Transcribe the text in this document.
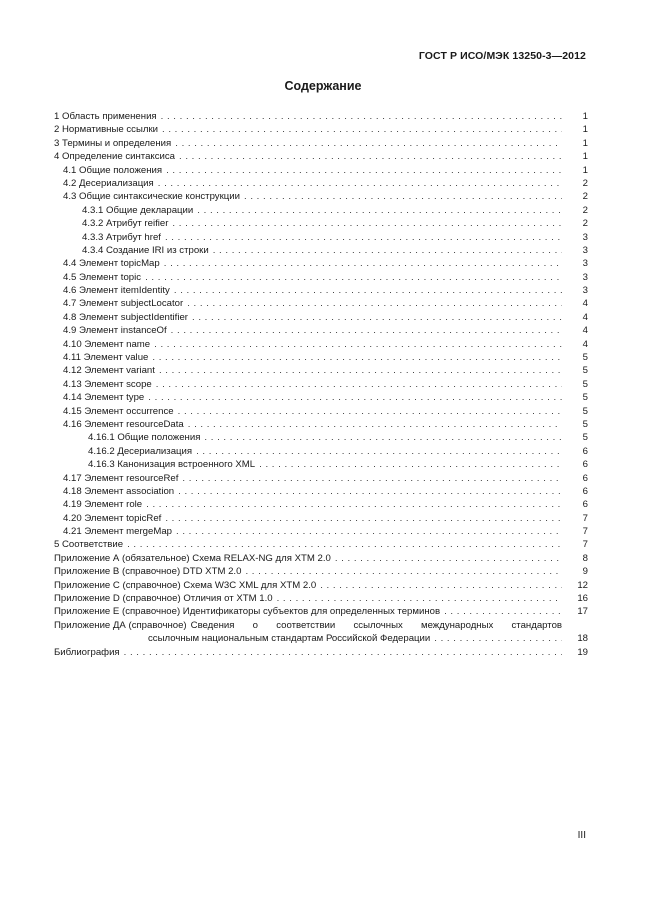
ГОСТ Р ИСО/МЭК 13250-3—2012
Содержание
1 Область применения . . .	1
2 Нормативные ссылки . . .	1
3 Термины и определения . . .	1
4 Определение синтаксиса . . .	1
4.1 Общие положения . . .	1
4.2 Десериализация . . .	2
4.3 Общие синтаксические конструкции . . .	2
4.3.1 Общие декларации . . .	2
4.3.2 Атрибут reifier . . .	2
4.3.3 Атрибут href . . .	3
4.3.4 Создание IRI из строки . . .	3
4.4 Элемент topicMap . . .	3
4.5 Элемент topic . . .	3
4.6 Элемент itemIdentity . . .	3
4.7 Элемент subjectLocator . . .	4
4.8 Элемент subjectIdentifier . . .	4
4.9 Элемент instanceOf . . .	4
4.10 Элемент name . . .	4
4.11 Элемент value . . .	5
4.12 Элемент variant . . .	5
4.13 Элемент scope . . .	5
4.14 Элемент type . . .	5
4.15 Элемент occurrence . . .	5
4.16 Элемент resourceData . . .	5
4.16.1 Общие положения . . .	5
4.16.2 Десериализация . . .	6
4.16.3 Канонизация встроенного XML . . .	6
4.17 Элемент resourceRef . . .	6
4.18 Элемент association . . .	6
4.19 Элемент role . . .	6
4.20 Элемент topicRef . . .	7
4.21 Элемент mergeMap . . .	7
5 Соответствие . . .	7
Приложение А (обязательное) Схема RELAX-NG для XTM 2.0 . . .	8
Приложение В (справочное) DTD XTM 2.0 . . .	9
Приложение С (справочное) Схема W3C XML для XTM 2.0 . . .	12
Приложение D (справочное) Отличия от XTM 1.0 . . .	16
Приложение Е (справочное) Идентификаторы субъектов для определенных терминов . . .	17
Приложение ДА (справочное) Сведения о соответствии ссылочных международных стандартов
ссылочным национальным стандартам Российской Федерации . . .	18
Библиография . . .	19
III
